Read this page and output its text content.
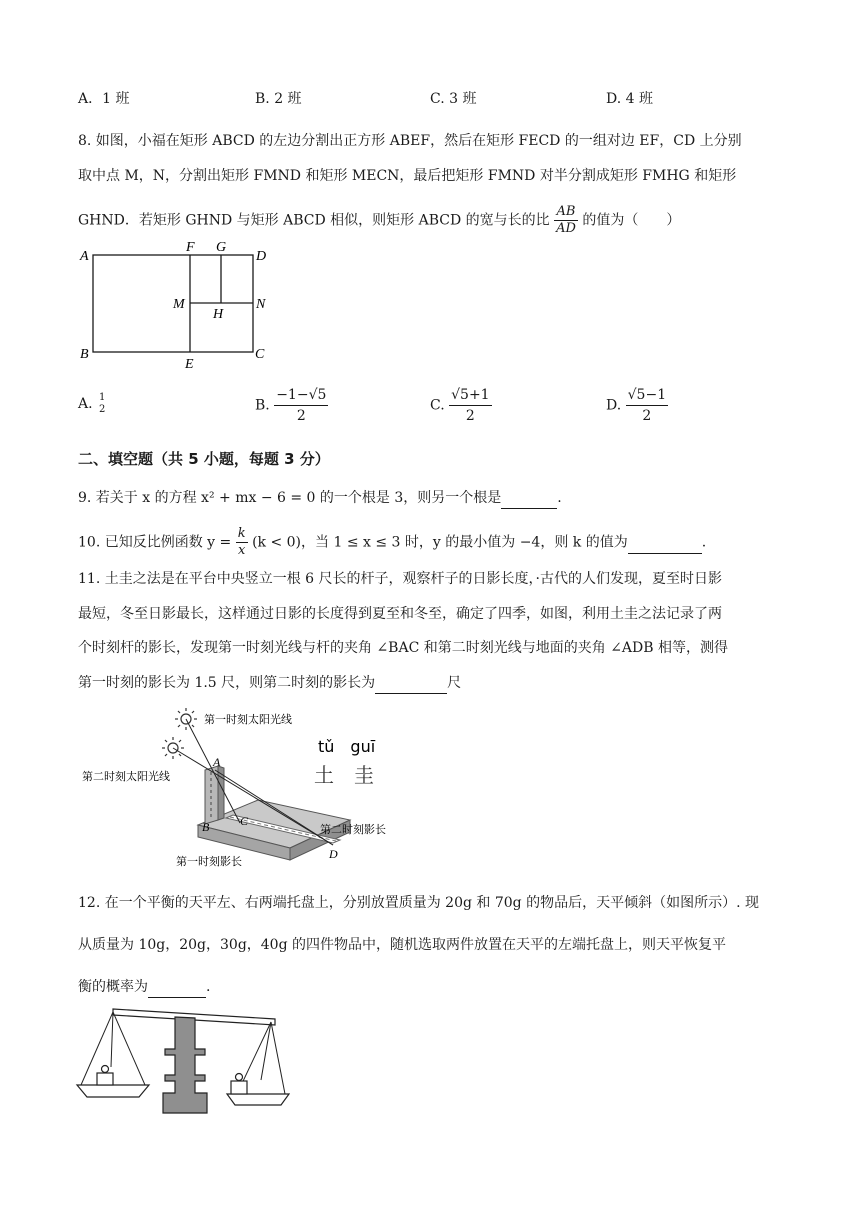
A．1 班	B. 2 班	C. 3 班	D. 4 班
8. 如图，小福在矩形 ABCD 的左边分割出正方形 ABEF，然后在矩形 FECD 的一组对边 EF，CD 上分别
取中点 M，N，分割出矩形 FMND 和矩形 MECN，最后把矩形 FMND 对半分割成矩形 FMHG 和矩形
GHND．若矩形 GHND 与矩形 ABCD 相似，则矩形 ABCD 的宽与长的比 $\frac{AB}{AD}$ 的值为（　　）
A
B	C
D
E
F G
H
M	N
A. 1
2	B. $\frac{-1-√5}{2}$	C. $\frac{√5+1}{2}$	D. $\frac{√5-1}{2}$
二、填空题（共 5 小题，每题 3 分）
9. 若关于 x 的方程 x² + mx − 6 = 0 的一个根是 3，则另一个根是	.
10. 已知反比例函数 $y = \frac{k}{x} (k < 0)$，当 1 ≤ x ≤ 3 时，y 的最小值为 −4，则 k 的值为	.
11. 土圭之法是在平台中央竖立一根 6 尺长的杆子，观察杆子的日影长度，·古代的人们发现，夏至时日影
最短，冬至日影最长，这样通过日影的长度得到夏至和冬至，确定了四季，如图，利用土圭之法记录了两
个时刻杆的影长，发现第一时刻光线与杆的夹角 ∠BAC 和第二时刻光线与地面的夹角 ∠ADB 相等，测得
第一时刻的影长为 1.5 尺，则第二时刻的影长为	尺
第一时刻太阳光线
第二时刻太阳光线
A
B	C
D
第二时刻影长
第一时刻影长
tǔ　guī
土　圭
12. 在一个平衡的天平左、右两端托盘上，分别放置质量为 20g 和 70g 的物品后，天平倾斜（如图所示）. 现
从质量为 10g，20g，30g，40g 的四件物品中，随机选取两件放置在天平的左端托盘上，则天平恢复平
衡的概率为	.
